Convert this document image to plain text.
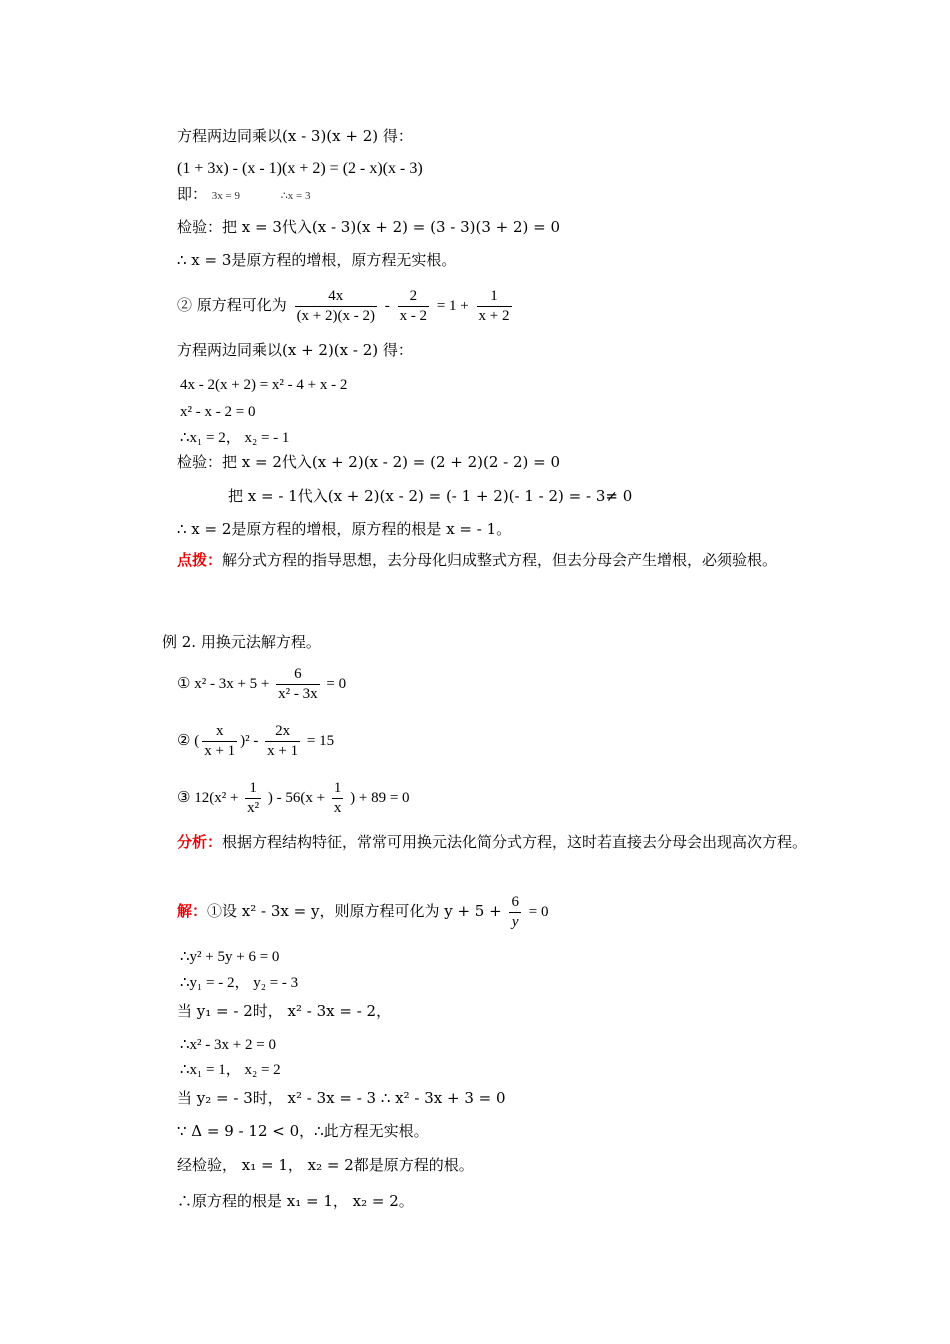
方程两边同乘以(x - 3)(x + 2) 得：
(1 + 3x) - (x - 1)(x + 2) = (2 - x)(x - 3)
即： 3x = 9	∴x = 3
检验：把 x = 3代入(x - 3)(x + 2) = (3 - 3)(3 + 2) = 0
∴ x = 3是原方程的增根，原方程无实根。
② 原方程可化为 $\frac{4x}{(x + 2)(x - 2)} - \frac{2}{x - 2} = 1 + \frac{1}{x + 2}$
方程两边同乘以(x + 2)(x - 2) 得：
4x - 2(x + 2) = x² - 4 + x - 2
x² - x - 2 = 0
∴x₁ = 2， x₂ = - 1
检验：把 x = 2代入(x + 2)(x - 2) = (2 + 2)(2 - 2) = 0
把 x = - 1代入(x + 2)(x - 2) = (- 1 + 2)(- 1 - 2) = - 3≠ 0
∴ x = 2是原方程的增根，原方程的根是 x = - 1。
点拨：解分式方程的指导思想，去分母化归成整式方程，但去分母会产生增根，必须验根。
例 2. 用换元法解方程。
① $x^2 - 3x + 5 + \frac{6}{\text{x² - 3x}} = 0$
② ( $\frac{x}{x + 1} )^2 - \frac{2x}{x + 1} = 15$
③ $12(x^2 + \frac{1}{\text{x²}}$ ) - $56(x + \frac{1}{x}$ ) + 89 = 0
分析：根据方程结构特征，常常可用换元法化简分式方程，这时若直接去分母会出现高次方程。
解：①设 x² - 3x = y，则原方程可化为 $y + 5 + \frac{6}{y} = 0$
∴y² + 5y + 6 = 0
∴y₁ = - 2， y₂ = - 3
当 y₁ = - 2时， x² - 3x = - 2，
∴x² - 3x + 2 = 0
∴x₁ = 1， x₂ = 2
当 y₂ = - 3时， x² - 3x = - 3 ∴ x² - 3x + 3 = 0
∵ Δ = 9 - 12 < 0，∴此方程无实根。
经检验， x₁ = 1， x₂ = 2都是原方程的根。
∴原方程的根是 x₁ = 1， x₂ = 2。
